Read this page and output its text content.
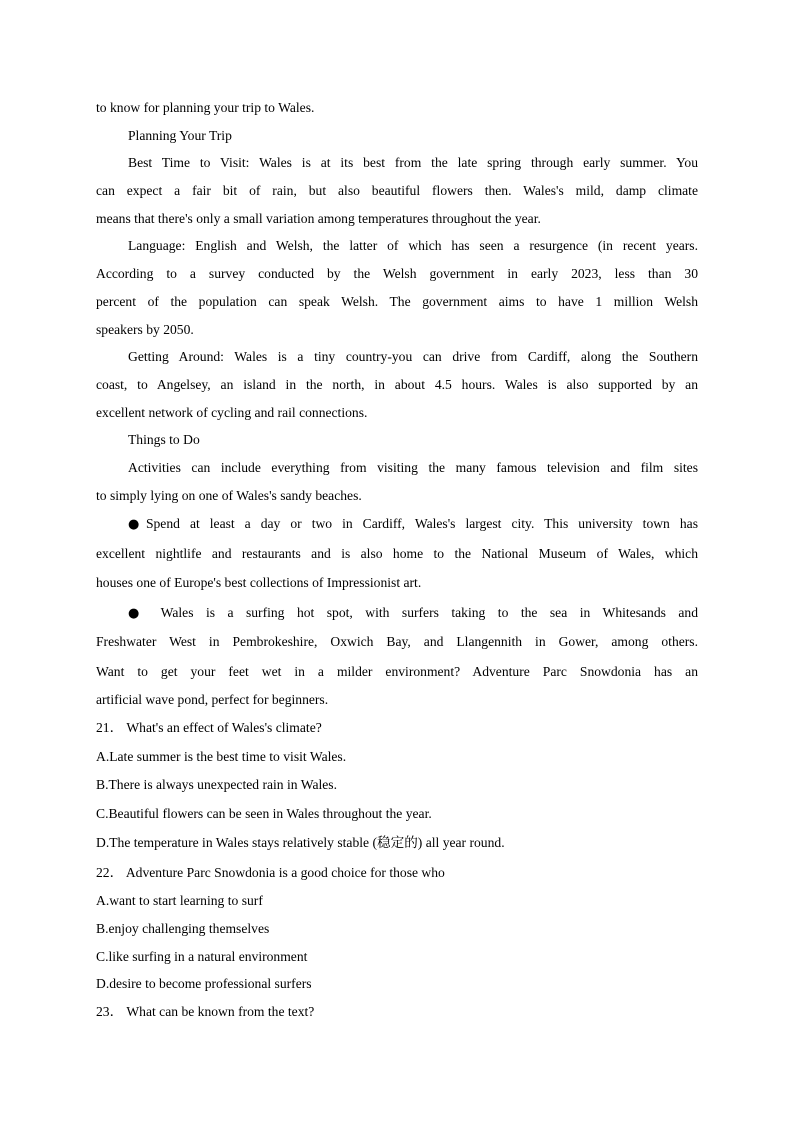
to know for planning your trip to Wales.
Planning Your Trip
Best Time to Visit: Wales is at its best from the late spring through early summer. You
can expect a fair bit of rain, but also beautiful flowers then. Wales's mild, damp climate
means that there's only a small variation among temperatures throughout the year.
Language: English and Welsh, the latter of which has seen a resurgence (in recent years.
According to a survey conducted by the Welsh government in early 2023, less than 30
percent of the population can speak Welsh. The government aims to have 1 million Welsh
speakers by 2050.
Getting Around: Wales is a tiny country-you can drive from Cardiff, along the Southern
coast, to Angelsey, an island in the north, in about 4.5 hours. Wales is also supported by an
excellent network of cycling and rail connections.
Things to Do
Activities can include everything from visiting the many famous television and film sites
to simply lying on one of Wales's sandy beaches.
●Spend at least a day or two in Cardiff, Wales's largest city. This university town has
excellent nightlife and restaurants and is also home to the National Museum of Wales, which
houses one of Europe's best collections of Impressionist art.
● Wales is a surfing hot spot, with surfers taking to the sea in Whitesands and
Freshwater West in Pembrokeshire, Oxwich Bay, and Llangennith in Gower, among others.
Want to get your feet wet in a milder environment? Adventure Parc Snowdonia has an
artificial wave pond, perfect for beginners.
21． What's an effect of Wales's climate?
A.Late summer is the best time to visit Wales.
B.There is always unexpected rain in Wales.
C.Beautiful flowers can be seen in Wales throughout the year.
D.The temperature in Wales stays relatively stable (稳定的) all year round.
22． Adventure Parc Snowdonia is a good choice for those who
A.want to start learning to surf
B.enjoy challenging themselves
C.like surfing in a natural environment
D.desire to become professional surfers
23． What can be known from the text?
